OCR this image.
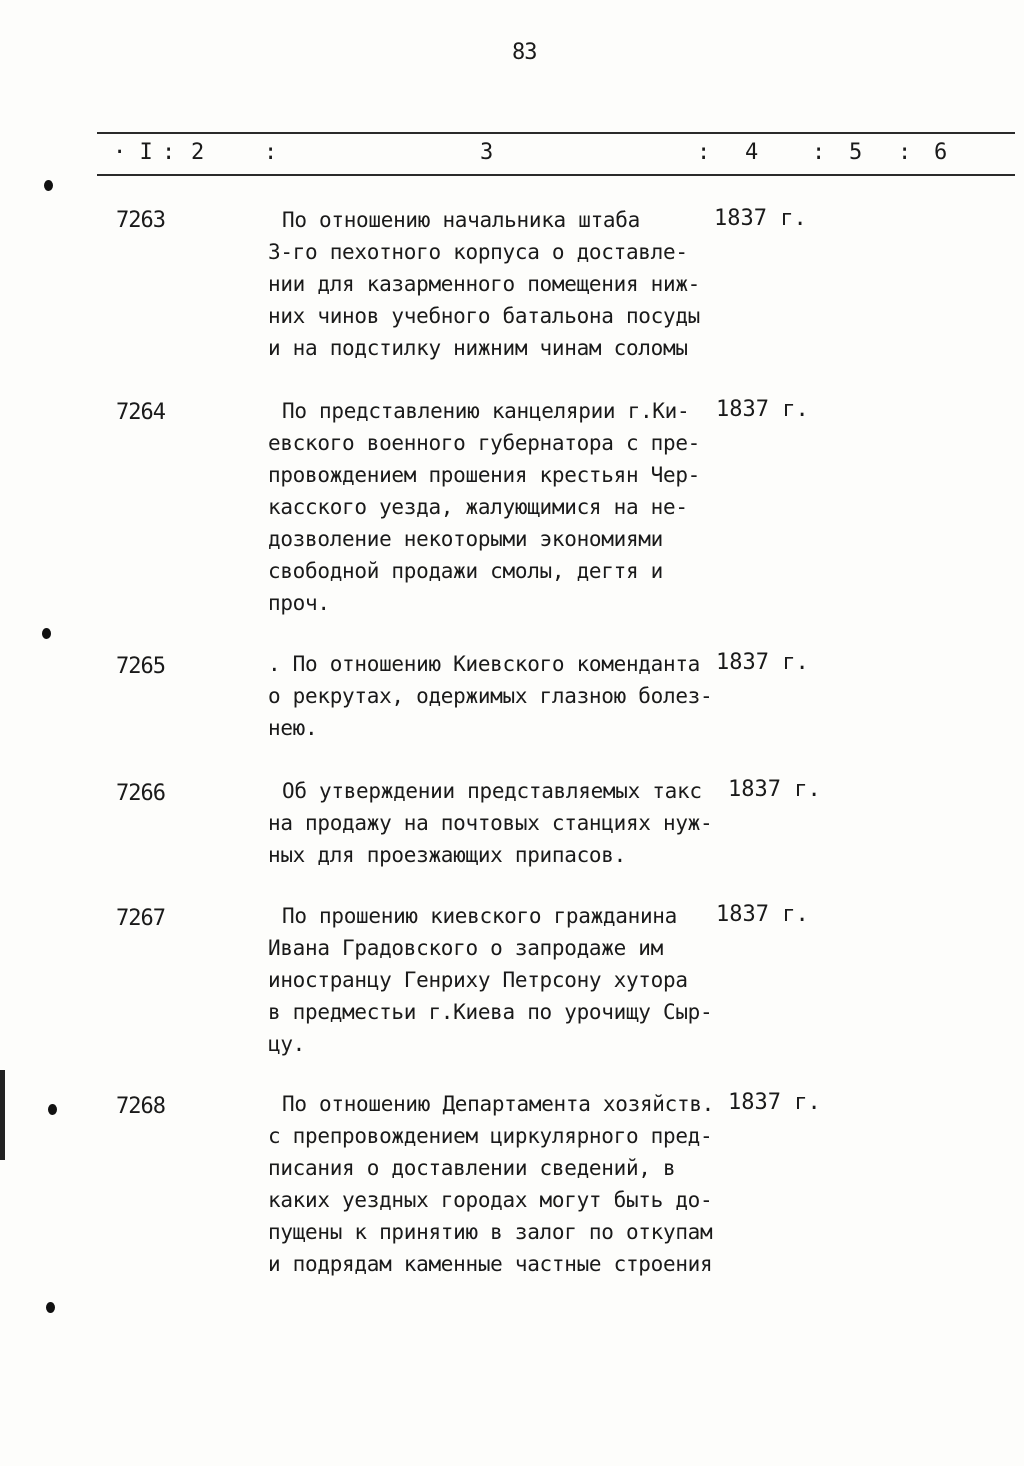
83
· I : 2	:	3	: 4 : 5 : 6
7263	По отношению начальника штаба
3-го пехотного корпуса о доставле-
нии для казарменного помещения ниж-
них чинов учебного батальона посуды
и на подстилку нижним чинам соломы
1837 г.
7264	По представлению канцелярии г.Ки-
евского военного губернатора с пре-
провождением прошения крестьян Чер-
касского уезда, жалующимися на не-
дозволение некоторыми экономиями
свободной продажи смолы, дегтя и
проч.
1837 г.
7265	. По отношению Киевского коменданта
о рекрутах, одержимых глазною болез-
нею.
1837 г.
7266	Об утверждении представляемых такс
на продажу на почтовых станциях нуж-
ных для проезжающих припасов.
1837 г.
7267	По прошению киевского гражданина
Ивана Градовского о запродаже им
иностранцу Генриху Петрсону хутора
в предместьи г.Киева по урочищу Сыр-
цу.
1837 г.
7268	По отношению Департамента хозяйств.
с препровождением циркулярного пред-
писания о доставлении сведений, в
каких уездных городах могут быть до-
пущены к принятию в залог по откупам
и подрядам каменные частные строения
1837 г.
